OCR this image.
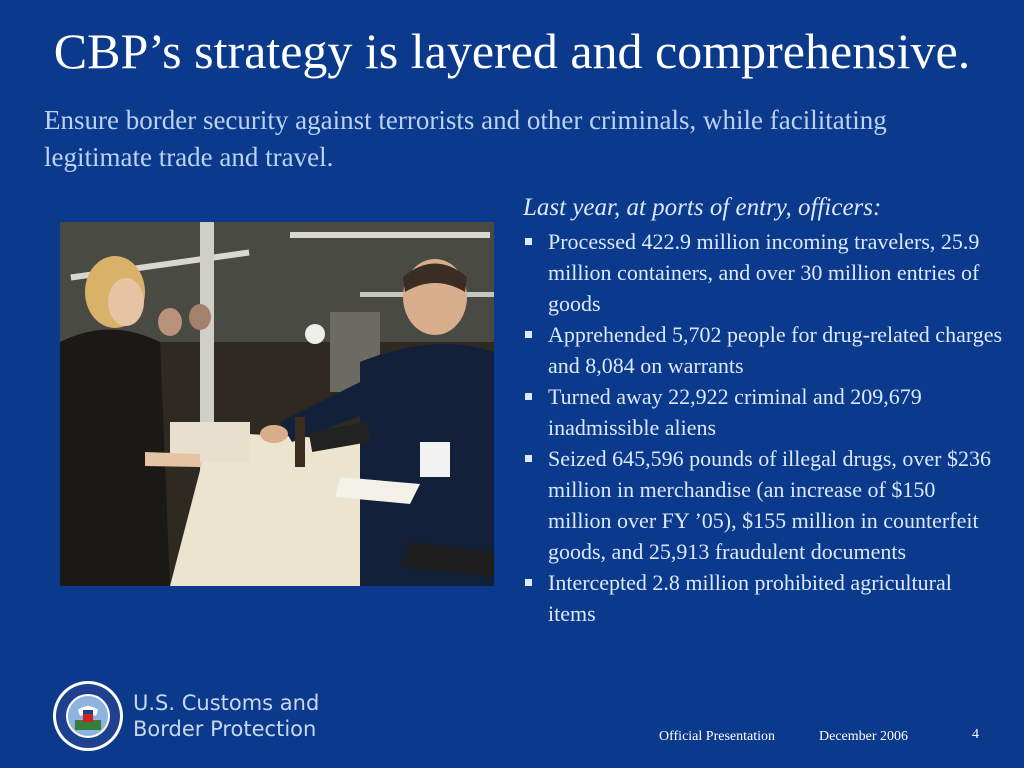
CBP’s strategy is layered and comprehensive.
Ensure border security against terrorists and other criminals, while facilitating legitimate trade and travel.
Last year, at ports of entry, officers:
Processed 422.9 million incoming travelers, 25.9 million containers, and over 30 million entries of goods
Apprehended 5,702 people for drug-related charges and 8,084 on warrants
Turned away 22,922 criminal and 209,679 inadmissible aliens
Seized 645,596 pounds of illegal drugs, over $236 million in merchandise (an increase of $150 million over FY ’05), $155 million in counterfeit goods, and 25,913 fraudulent documents
Intercepted 2.8 million prohibited agricultural items
U.S. Customs and
Border Protection	Official Presentation	December 2006	4
